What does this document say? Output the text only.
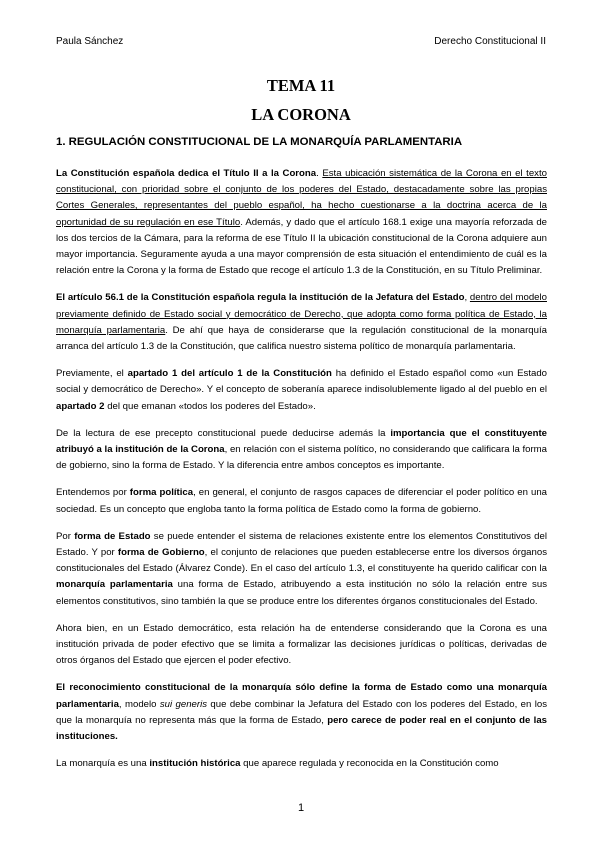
Paula Sánchez	Derecho Constitucional II
TEMA 11
LA CORONA
1. REGULACIÓN CONSTITUCIONAL DE LA MONARQUÍA PARLAMENTARIA

La Constitución española dedica el Título II a la Corona. Esta ubicación sistemática de la Corona en el texto constitucional, con prioridad sobre el conjunto de los poderes del Estado, destacadamente sobre las propias Cortes Generales, representantes del pueblo español, ha hecho cuestionarse a la doctrina acerca de la oportunidad de su regulación en ese Título. Además, y dado que el artículo 168.1 exige una mayoría reforzada de los dos tercios de la Cámara, para la reforma de ese Título II la ubicación constitucional de la Corona adquiere aun mayor importancia. Seguramente ayuda a una mayor comprensión de esta situación el entendimiento de cuál es la relación entre la Corona y la forma de Estado que recoge el artículo 1.3 de la Constitución, en su Título Preliminar.

El artículo 56.1 de la Constitución española regula la institución de la Jefatura del Estado, dentro del modelo previamente definido de Estado social y democrático de Derecho, que adopta como forma política de Estado, la monarquía parlamentaria. De ahí que haya de considerarse que la regulación constitucional de la monarquía arranca del artículo 1.3 de la Constitución, que califica nuestro sistema político de monarquía parlamentaria.

Previamente, el apartado 1 del artículo 1 de la Constitución ha definido el Estado español como «un Estado social y democrático de Derecho». Y el concepto de soberanía aparece indisolublemente ligado al del pueblo en el apartado 2 del que emanan «todos los poderes del Estado».

De la lectura de ese precepto constitucional puede deducirse además la importancia que el constituyente atribuyó a la institución de la Corona, en relación con el sistema político, no considerando que calificara la forma de gobierno, sino la forma de Estado. Y la diferencia entre ambos conceptos es importante.

Entendemos por forma política, en general, el conjunto de rasgos capaces de diferenciar el poder político en una sociedad. Es un concepto que engloba tanto la forma política de Estado como la forma de gobierno.

Por forma de Estado se puede entender el sistema de relaciones existente entre los elementos Constitutivos del Estado. Y por forma de Gobierno, el conjunto de relaciones que pueden establecerse entre los diversos órganos constitucionales del Estado (Álvarez Conde). En el caso del artículo 1.3, el constituyente ha querido calificar con la monarquía parlamentaria una forma de Estado, atribuyendo a esta institución no sólo la relación entre sus elementos constitutivos, sino también la que se produce entre los diferentes órganos constitucionales del Estado.

Ahora bien, en un Estado democrático, esta relación ha de entenderse considerando que la Corona es una institución privada de poder efectivo que se limita a formalizar las decisiones jurídicas o políticas, derivadas de otros órganos del Estado que ejercen el poder efectivo.

El reconocimiento constitucional de la monarquía sólo define la forma de Estado como una monarquía parlamentaria, modelo sui generis que debe combinar la Jefatura del Estado con los poderes del Estado, en los que la monarquía no representa más que la forma de Estado, pero carece de poder real en el conjunto de las instituciones.

La monarquía es una institución histórica que aparece regulada y reconocida en la Constitución como

1
